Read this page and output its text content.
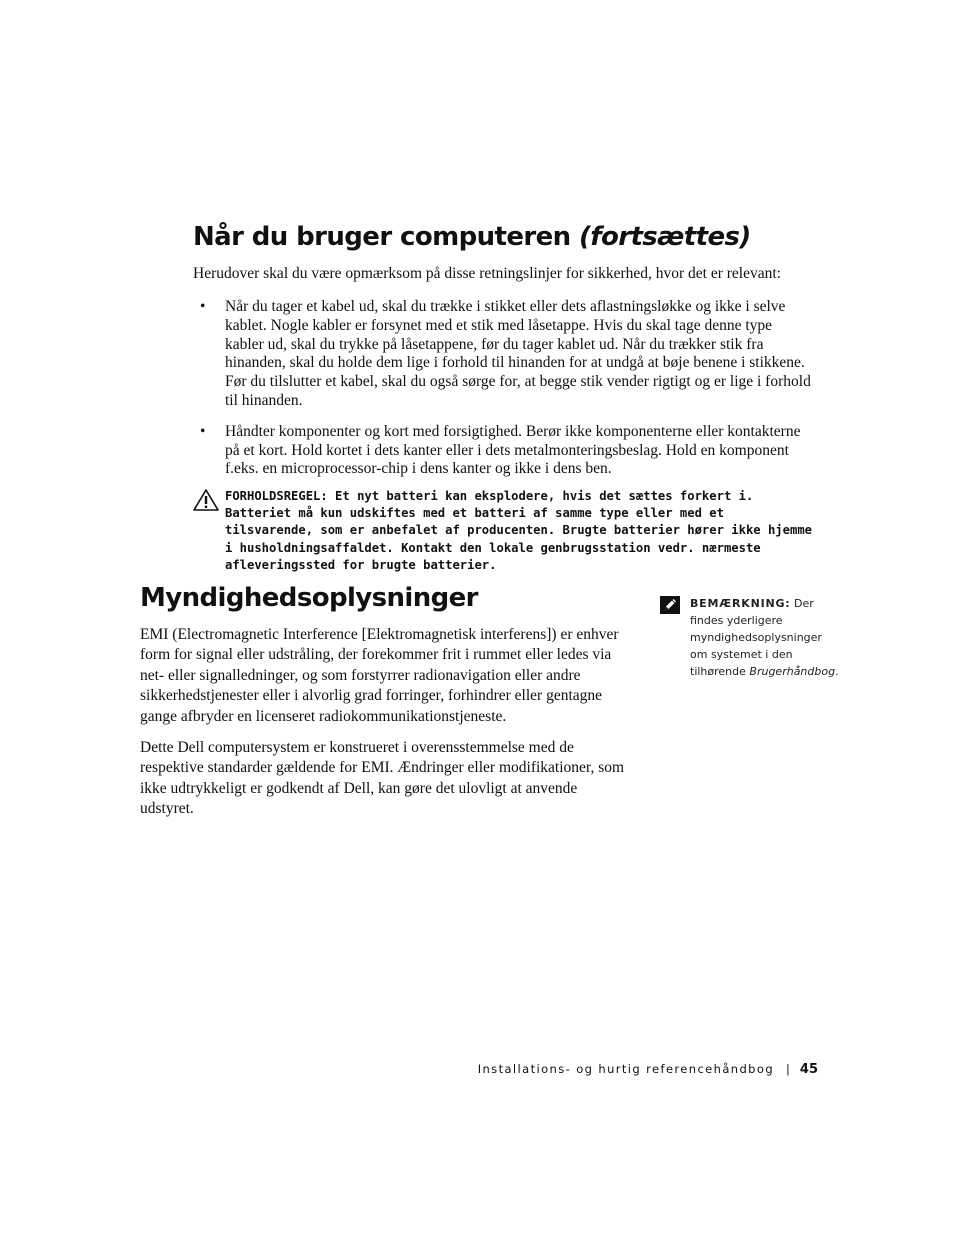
Når du bruger computeren (fortsættes)

Herudover skal du være opmærksom på disse retningslinjer for sikkerhed, hvor det er relevant:

• Når du tager et kabel ud, skal du trække i stikket eller dets aflastningsløkke og ikke i selve kablet. Nogle kabler er forsynet med et stik med låsetappe. Hvis du skal tage denne type kabler ud, skal du trykke på låsetappene, før du tager kablet ud. Når du trækker stik fra hinanden, skal du holde dem lige i forhold til hinanden for at undgå at bøje benene i stikkene. Før du tilslutter et kabel, skal du også sørge for, at begge stik vender rigtigt og er lige i forhold til hinanden.
• Håndter komponenter og kort med forsigtighed. Berør ikke komponenterne eller kontakterne på et kort. Hold kortet i dets kanter eller i dets metalmonteringsbeslag. Hold en komponent f.eks. en microprocessor-chip i dens kanter og ikke i dens ben.

FORHOLDSREGEL: Et nyt batteri kan eksplodere, hvis det sættes forkert i. Batteriet må kun udskiftes med et batteri af samme type eller med et tilsvarende, som er anbefalet af producenten. Brugte batterier hører ikke hjemme i husholdningsaffaldet. Kontakt den lokale genbrugsstation vedr. nærmeste afleveringssted for brugte batterier.

Myndighedsoplysninger

EMI (Electromagnetic Interference [Elektromagnetisk interferens]) er enhver form for signal eller udstråling, der forekommer frit i rummet eller ledes via net- eller signalledninger, og som forstyrrer radionavigation eller andre sikkerhedstjenester eller i alvorlig grad forringer, forhindrer eller gentagne gange afbryder en licenseret radiokommunikationstjeneste.

Dette Dell computersystem er konstrueret i overensstemmelse med de respektive standarder gældende for EMI. Ændringer eller modifikationer, som ikke udtrykkeligt er godkendt af Dell, kan gøre det ulovligt at anvende udstyret.

BEMÆRKNING: Der findes yderligere myndighedsoplysninger om systemet i den tilhørende Brugerhåndbog.

Installations- og hurtig referencehåndbog | 45
